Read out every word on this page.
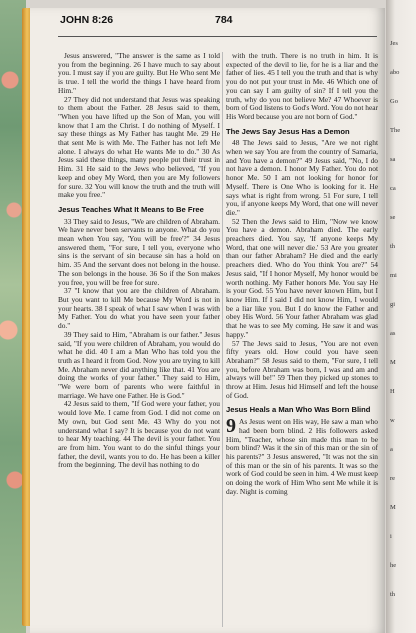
JOHN 8:26	784

Jesus answered, "The answer is the same as I told you from the beginning. 26 I have much to say about you. I must say if you are guilty. But He Who sent Me is true. I tell the world the things I have heard from Him."

27 They did not understand that Jesus was speaking to them about the Father. 28 Jesus said to them, "When you have lifted up the Son of Man, you will know that I am the Christ. I do nothing of Myself. I say these things as My Father has taught Me. 29 He that sent Me is with Me. The Father has not left Me alone. I always do what He wants Me to do." 30 As Jesus said these things, many people put their trust in Him. 31 He said to the Jews who believed, "If you keep and obey My Word, then you are My followers for sure. 32 You will know the truth and the truth will make you free."

Jesus Teaches What It Means to Be Free

33 They said to Jesus, "We are children of Abraham. We have never been servants to anyone. What do you mean when You say, 'You will be free'?" 34 Jesus answered them, "For sure, I tell you, everyone who sins is the servant of sin because sin has a hold on him. 35 And the servant does not belong in the house. The son belongs in the house. 36 So if the Son makes you free, you will be free for sure.

37 "I know that you are the children of Abraham. But you want to kill Me because My Word is not in your hearts. 38 I speak of what I saw when I was with My Father. You do what you have seen your father do."

39 They said to Him, "Abraham is our father." Jesus said, "If you were children of Abraham, you would do what he did. 40 I am a Man Who has told you the truth as I heard it from God. Now you are trying to kill Me. Abraham never did anything like that. 41 You are doing the works of your father." They said to Him, "We were born of parents who were faithful in marriage. We have one Father. He is God."

42 Jesus said to them, "If God were your father, you would love Me. I came from God. I did not come on My own, but God sent Me. 43 Why do you not understand what I say? It is because you do not want to hear My teaching. 44 The devil is your father. You are from him. You want to do the sinful things your father, the devil, wants you to do. He has been a killer from the beginning. The devil has nothing to do

with the truth. There is no truth in him. It is expected of the devil to lie, for he is a liar and the father of lies. 45 I tell you the truth and that is why you do not put your trust in Me. 46 Which one of you can say I am guilty of sin? If I tell you the truth, why do you not believe Me? 47 Whoever is born of God listens to God's Word. You do not hear His Word because you are not born of God."

The Jews Say Jesus Has a Demon

48 The Jews said to Jesus, "Are we not right when we say You are from the country of Samaria, and You have a demon?" 49 Jesus said, "No, I do not have a demon. I honor My Father. You do not honor Me. 50 I am not looking for honor for Myself. There is One Who is looking for it. He says what is right from wrong. 51 For sure, I tell you, if anyone keeps My Word, that one will never die."

52 Then the Jews said to Him, "Now we know You have a demon. Abraham died. The early preachers died. You say, 'If anyone keeps My Word, that one will never die.' 53 Are you greater than our father Abraham? He died and the early preachers died. Who do You think You are?" 54 Jesus said, "If I honor Myself, My honor would be worth nothing. My Father honors Me. You say He is your God. 55 You have never known Him, but I know Him. If I said I did not know Him, I would be a liar like you. But I do know the Father and obey His Word. 56 Your father Abraham was glad that he was to see My coming. He saw it and was happy."

57 The Jews said to Jesus, "You are not even fifty years old. How could you have seen Abraham?" 58 Jesus said to them, "For sure, I tell you, before Abraham was born, I was and am and always will be!" 59 Then they picked up stones to throw at Him. Jesus hid Himself and left the house of God.

Jesus Heals a Man Who Was Born Blind

9 As Jesus went on His way, He saw a man who had been born blind. 2 His followers asked Him, "Teacher, whose sin made this man to be born blind? Was it the sin of this man or the sin of his parents?" 3 Jesus answered, "It was not the sin of this man or the sin of his parents. It was so the work of God could be seen in him. 4 We must keep on doing the work of Him Who sent Me while it is day. Night is coming

Jes
abo
Go
The
sa
ca
se
th
mi
gi
as
M
H
w
a
re
M
i
he
th
